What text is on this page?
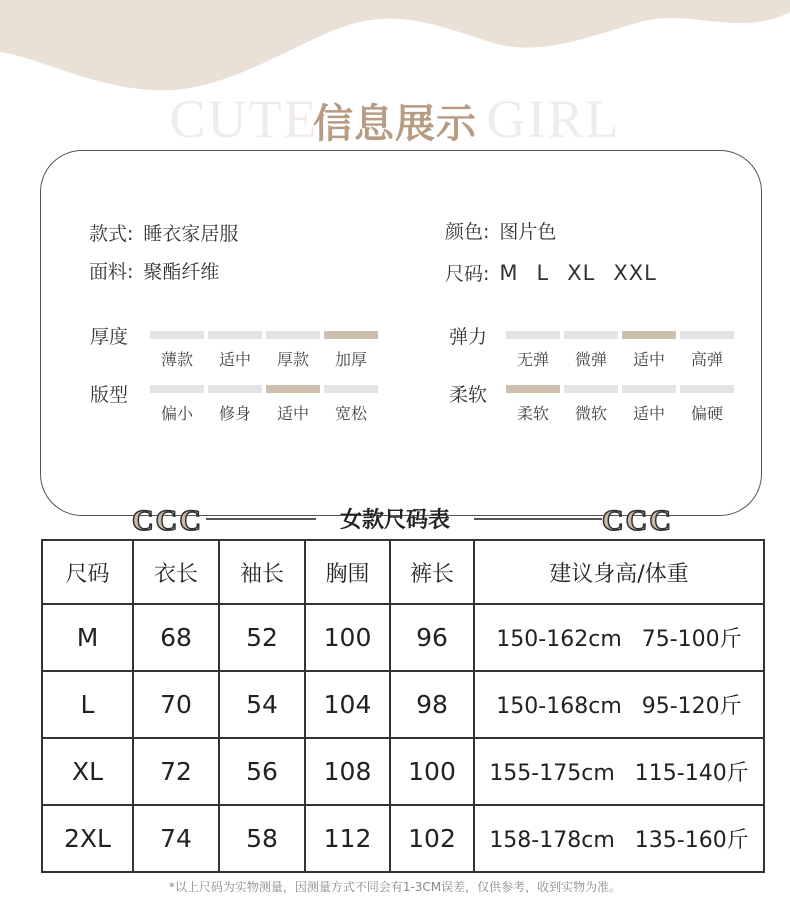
CUTE	GIRL
信息展示
款式: 睡衣家居服
面料: 聚酯纤维
颜色: 图片色
尺码: M L XL XXL
厚度
薄款	适中	厚款	加厚
弹力
无弹	微弹	适中	高弹
版型
偏小	修身	适中	宽松
柔软
柔软	微软	适中	偏硬
CCC	女款尺码表	CCC
尺码	衣长	袖长	胸围	裤长	建议身高/体重
M	68	52	100	96	150-162cm 75-100斤
L	70	54	104	98	150-168cm 95-120斤
XL	72	56	108	100	155-175cm 115-140斤
2XL	74	58	112	102	158-178cm 135-160斤
*以上尺码为实物测量，因测量方式不同会有1-3CM误差，仅供参考，收到实物为准。
